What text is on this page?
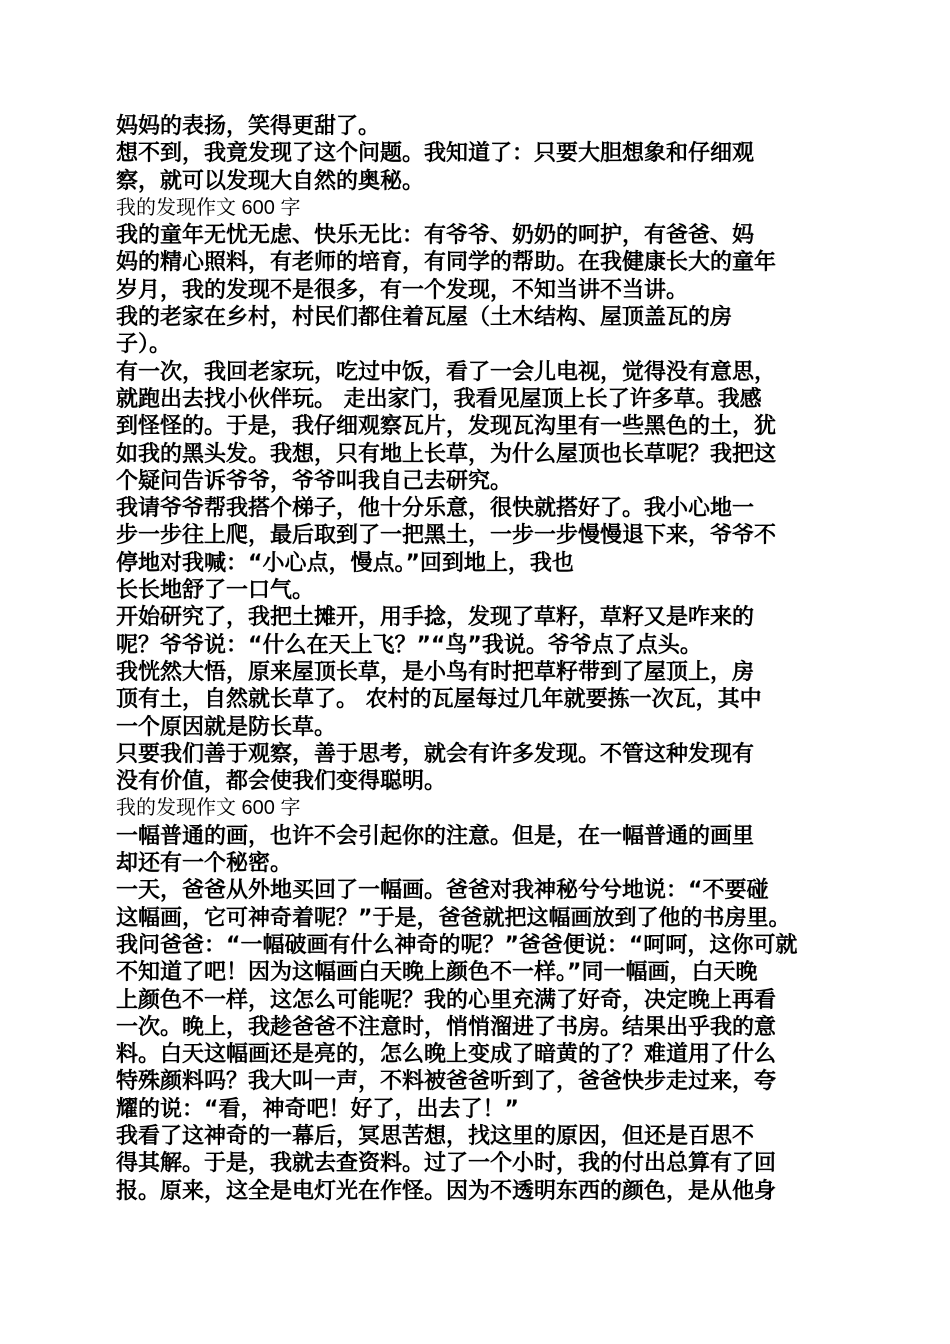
妈妈的表扬，笑得更甜了。
想不到，我竟发现了这个问题。我知道了：只要大胆想象和仔细观
察，就可以发现大自然的奥秘。
我的发现作文 600 字
我的童年无忧无虑、快乐无比：有爷爷、奶奶的呵护，有爸爸、妈
妈的精心照料，有老师的培育，有同学的帮助。在我健康长大的童年
岁月，我的发现不是很多，有一个发现，不知当讲不当讲。
我的老家在乡村，村民们都住着瓦屋（土木结构、屋顶盖瓦的房
子）。
有一次，我回老家玩，吃过中饭，看了一会儿电视，觉得没有意思，
就跑出去找小伙伴玩。 走出家门，我看见屋顶上长了许多草。我感
到怪怪的。于是，我仔细观察瓦片，发现瓦沟里有一些黑色的土，犹
如我的黑头发。我想，只有地上长草，为什么屋顶也长草呢？我把这
个疑问告诉爷爷，爷爷叫我自己去研究。
我请爷爷帮我搭个梯子，他十分乐意，很快就搭好了。我小心地一
步一步往上爬，最后取到了一把黑土，一步一步慢慢退下来，爷爷不
停地对我喊：“小心点，慢点。”回到地上，我也
长长地舒了一口气。
开始研究了，我把土摊开，用手捻，发现了草籽，草籽又是咋来的
呢？爷爷说：“什么在天上飞？”“鸟”我说。爷爷点了点头。
我恍然大悟，原来屋顶长草，是小鸟有时把草籽带到了屋顶上，房
顶有土，自然就长草了。 农村的瓦屋每过几年就要拣一次瓦，其中
一个原因就是防长草。
只要我们善于观察，善于思考，就会有许多发现。不管这种发现有
没有价值，都会使我们变得聪明。
我的发现作文 600 字
一幅普通的画，也许不会引起你的注意。但是，在一幅普通的画里
却还有一个秘密。
一天，爸爸从外地买回了一幅画。爸爸对我神秘兮兮地说：“不要碰
这幅画，它可神奇着呢？”于是，爸爸就把这幅画放到了他的书房里。
我问爸爸：“一幅破画有什么神奇的呢？”爸爸便说：“呵呵，这你可就
不知道了吧！因为这幅画白天晚上颜色不一样。”同一幅画，白天晚
上颜色不一样，这怎么可能呢？我的心里充满了好奇，决定晚上再看
一次。晚上，我趁爸爸不注意时，悄悄溜进了书房。结果出乎我的意
料。白天这幅画还是亮的，怎么晚上变成了暗黄的了？难道用了什么
特殊颜料吗？我大叫一声，不料被爸爸听到了，爸爸快步走过来，夸
耀的说：“看，神奇吧！好了，出去了！”
我看了这神奇的一幕后，冥思苦想，找这里的原因，但还是百思不
得其解。于是，我就去查资料。过了一个小时，我的付出总算有了回
报。原来，这全是电灯光在作怪。因为不透明东西的颜色，是从他身
